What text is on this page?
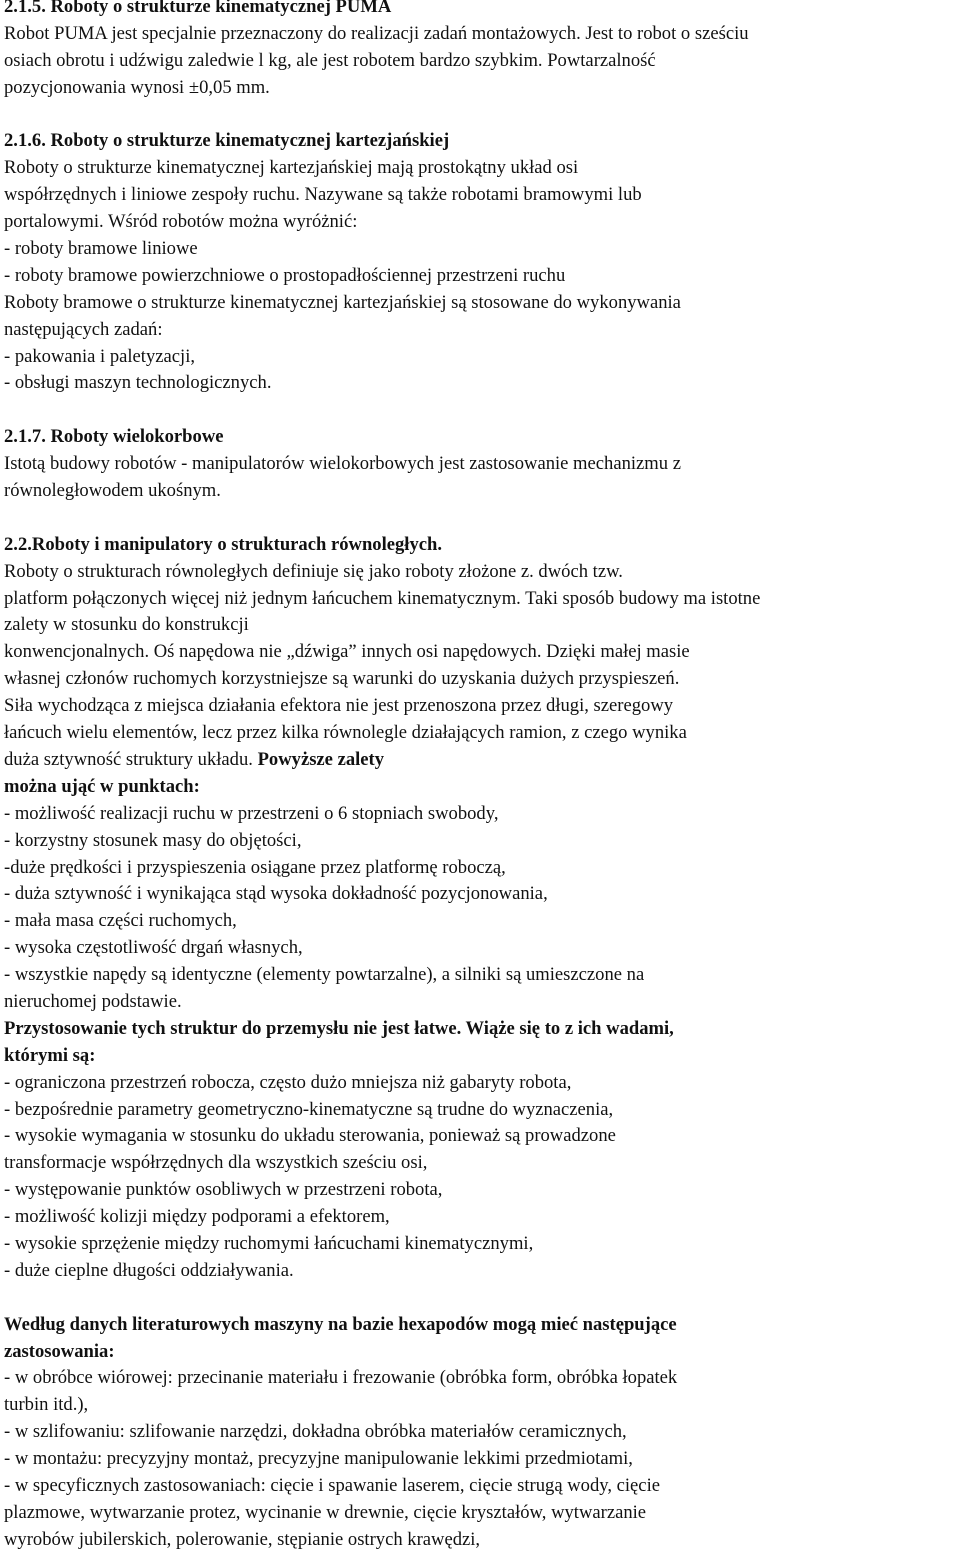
2.1.5. Roboty o strukturze kinematycznej PUMA
Robot PUMA jest specjalnie przeznaczony do realizacji zadań montażowych. Jest to robot o sześciu
osiach obrotu i udźwigu zaledwie l kg, ale jest robotem bardzo szybkim. Powtarzalność
pozycjonowania wynosi ±0,05 mm.
2.1.6. Roboty o strukturze kinematycznej kartezjańskiej
Roboty o strukturze kinematycznej kartezjańskiej mają prostokątny układ osi
współrzędnych i liniowe zespoły ruchu. Nazywane są także robotami bramowymi lub
portalowymi. Wśród robotów można wyróżnić:
- roboty bramowe liniowe
- roboty bramowe powierzchniowe o prostopadłościennej przestrzeni ruchu
Roboty bramowe o strukturze kinematycznej kartezjańskiej są stosowane do wykonywania
następujących zadań:
- pakowania i paletyzacji,
- obsługi maszyn technologicznych.
2.1.7. Roboty wielokorbowe
Istotą budowy robotów - manipulatorów wielokorbowych jest zastosowanie mechanizmu z
równoległowodem ukośnym.
2.2.Roboty i manipulatory o strukturach równoległych.
Roboty o strukturach równoległych definiuje się jako roboty złożone z. dwóch tzw.
platform połączonych więcej niż jednym łańcuchem kinematycznym. Taki sposób budowy ma istotne
zalety w stosunku do konstrukcji
konwencjonalnych. Oś napędowa nie „dźwiga” innych osi napędowych. Dzięki małej masie
własnej członów ruchomych korzystniejsze są warunki do uzyskania dużych przyspieszeń.
Siła wychodząca z miejsca działania efektora nie jest przenoszona przez długi, szeregowy
łańcuch wielu elementów, lecz przez kilka równolegle działających ramion, z czego wynika
duża sztywność struktury układu. Powyższe zalety
można ująć w punktach:
- możliwość realizacji ruchu w przestrzeni o 6 stopniach swobody,
- korzystny stosunek masy do objętości,
-duże prędkości i przyspieszenia osiągane przez platformę roboczą,
- duża sztywność i wynikająca stąd wysoka dokładność pozycjonowania,
- mała masa części ruchomych,
- wysoka częstotliwość drgań własnych,
- wszystkie napędy są identyczne (elementy powtarzalne), a silniki są umieszczone na
nieruchomej podstawie.
Przystosowanie tych struktur do przemysłu nie jest łatwe. Wiąże się to z ich wadami,
którymi są:
- ograniczona przestrzeń robocza, często dużo mniejsza niż gabaryty robota,
- bezpośrednie parametry geometryczno-kinematyczne są trudne do wyznaczenia,
- wysokie wymagania w stosunku do układu sterowania, ponieważ są prowadzone
transformacje współrzędnych dla wszystkich sześciu osi,
- występowanie punktów osobliwych w przestrzeni robota,
- możliwość kolizji między podporami a efektorem,
- wysokie sprzężenie między ruchomymi łańcuchami kinematycznymi,
- duże cieplne długości oddziaływania.
Według danych literaturowych maszyny na bazie hexapodów mogą mieć następujące
zastosowania:
- w obróbce wiórowej: przecinanie materiału i frezowanie (obróbka form, obróbka łopatek
turbin itd.),
- w szlifowaniu: szlifowanie narzędzi, dokładna obróbka materiałów ceramicznych,
- w montażu: precyzyjny montaż, precyzyjne manipulowanie lekkimi przedmiotami,
- w specyficznych zastosowaniach: cięcie i spawanie laserem, cięcie strugą wody, cięcie
plazmowe, wytwarzanie protez, wycinanie w drewnie, cięcie kryształów, wytwarzanie
wyrobów jubilerskich, polerowanie, stępianie ostrych krawędzi,
